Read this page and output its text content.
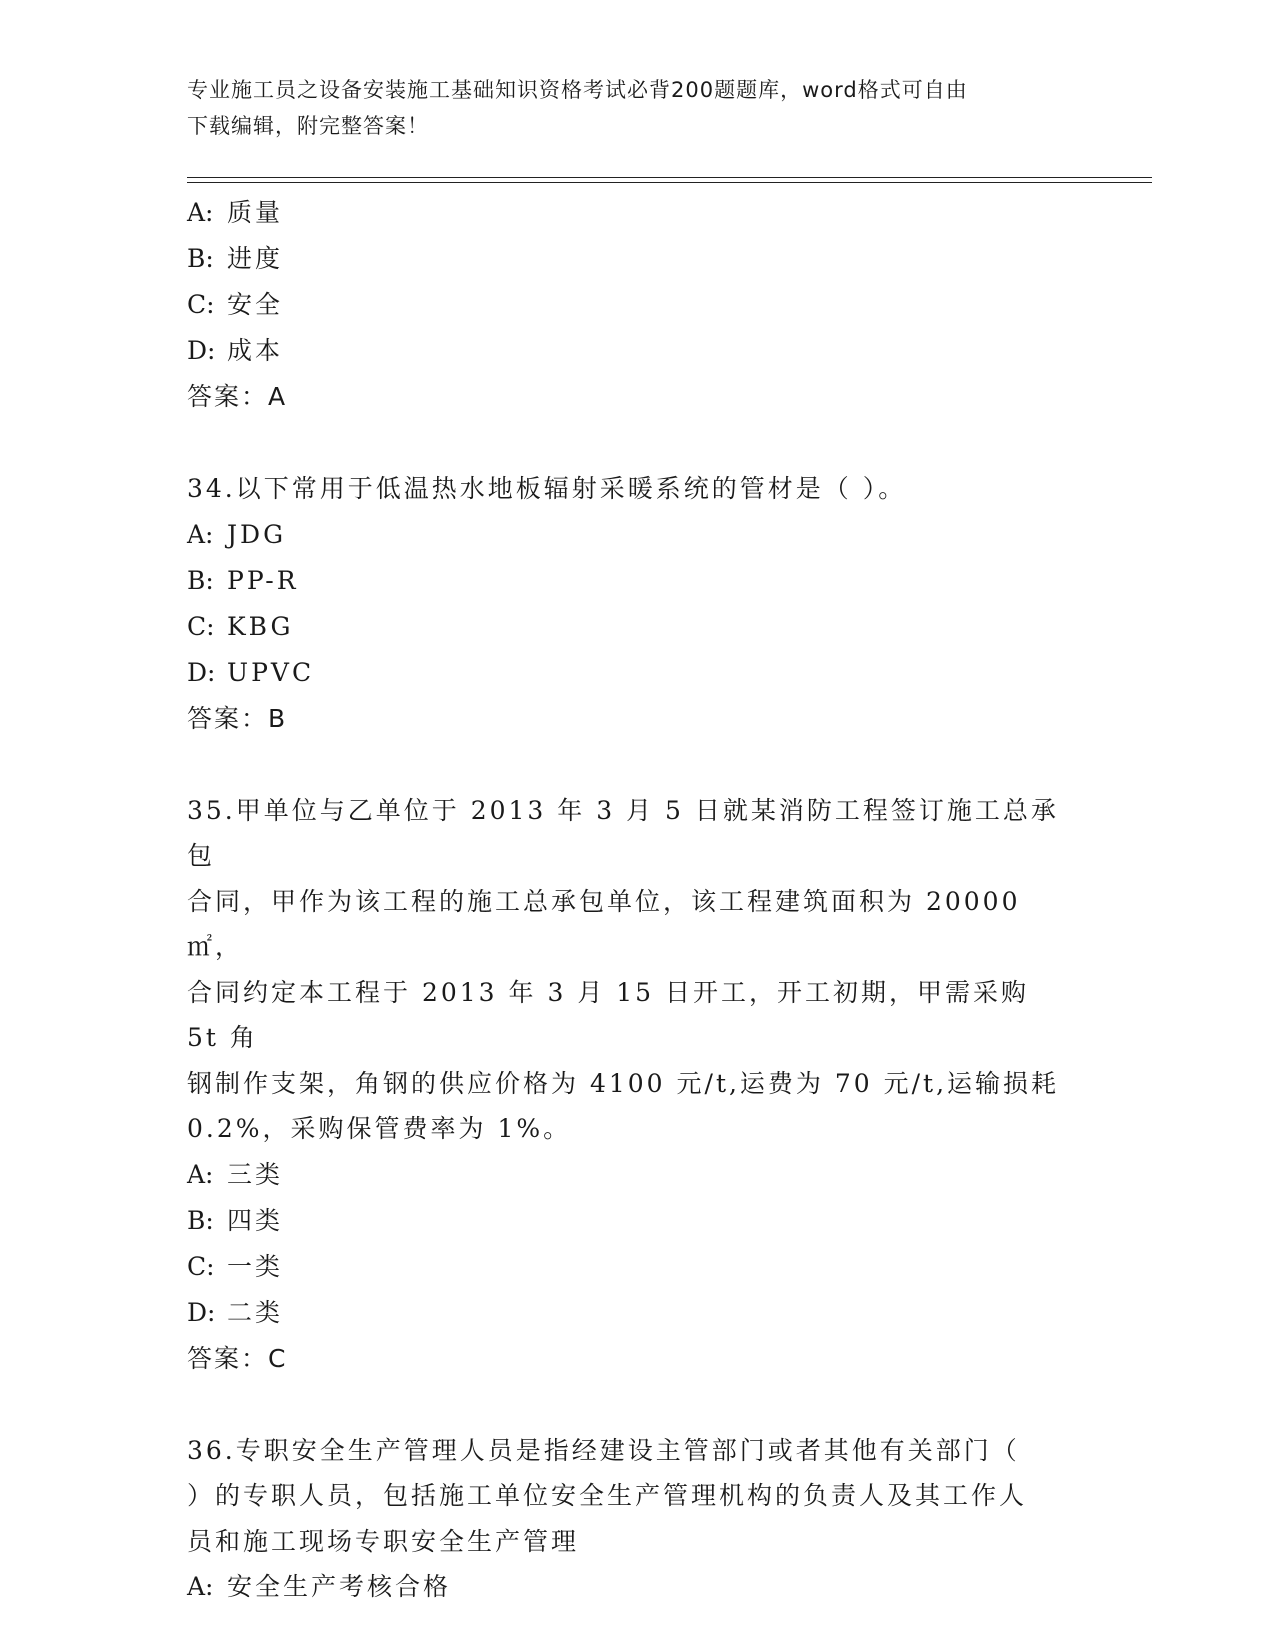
专业施工员之设备安装施工基础知识资格考试必背200题题库，word格式可自由
下载编辑，附完整答案！
A: 质量
B: 进度
C: 安全
D: 成本
答案：A
34.以下常用于低温热水地板辐射采暖系统的管材是（ ）。
A: JDG
B: PP-R
C: KBG
D: UPVC
答案：B
35.甲单位与乙单位于 2013 年 3 月 5 日就某消防工程签订施工总承包
合同，甲作为该工程的施工总承包单位，该工程建筑面积为 20000㎡，
合同约定本工程于 2013 年 3 月 15 日开工，开工初期，甲需采购 5t 角
钢制作支架，角钢的供应价格为 4100 元/t,运费为 70 元/t,运输损耗
0.2%，采购保管费率为 1%。
A: 三类
B: 四类
C: 一类
D: 二类
答案：C
36.专职安全生产管理人员是指经建设主管部门或者其他有关部门（
）的专职人员，包括施工单位安全生产管理机构的负责人及其工作人
员和施工现场专职安全生产管理
A: 安全生产考核合格
